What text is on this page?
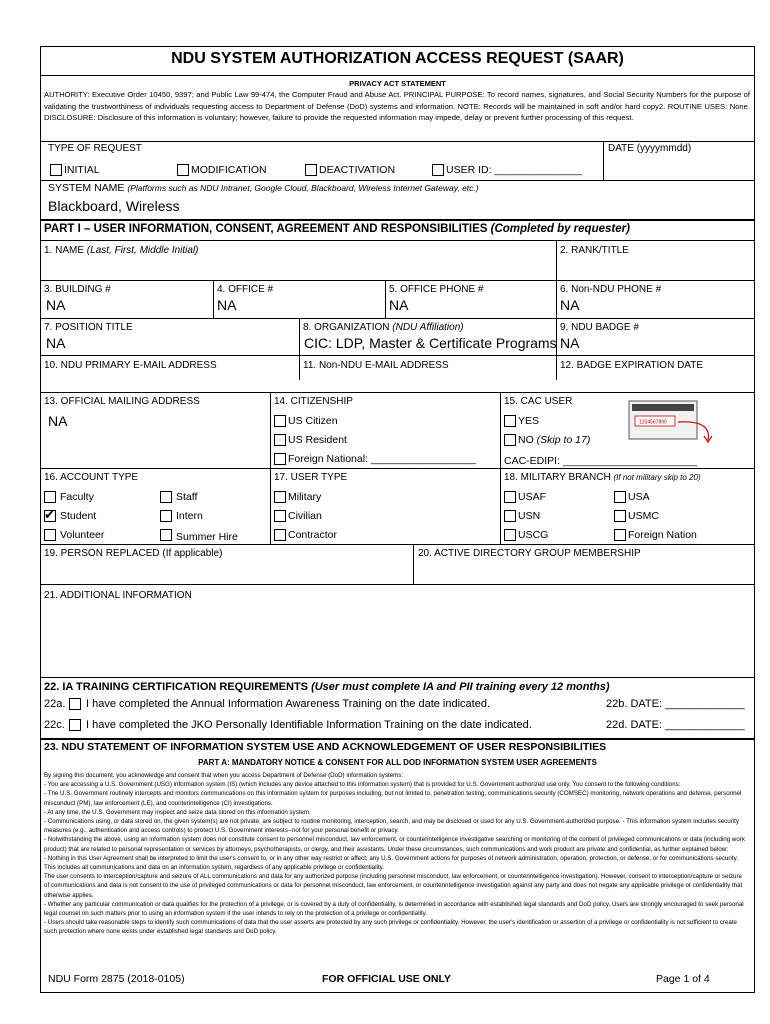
NDU SYSTEM AUTHORIZATION ACCESS REQUEST (SAAR)
PRIVACY ACT STATEMENT
AUTHORITY: Executive Order 10450, 9397; and Public Law 99-474, the Computer Fraud and Abuse Act. PRINCIPAL PURPOSE: To record names, signatures, and Social Security Numbers for the purpose of validating the trustworthiness of individuals requesting access to Department of Defense (DoD) systems and information. NOTE: Records will be maintained in soft and/or hard copy2. ROUTINE USES: None. DISCLOSURE: Disclosure of this information is voluntary; however, failure to provide the requested information may impede, delay or prevent further processing of this request.
TYPE OF REQUEST	DATE (yyyymmdd)
INITIAL	MODIFICATION	DEACTIVATION	USER ID: _______________
SYSTEM NAME (Platforms such as NDU Intranet, Google Cloud, Blackboard, Wireless Internet Gateway, etc.)
Blackboard, Wireless
PART I – USER INFORMATION, CONSENT, AGREEMENT AND RESPONSIBILITIES (Completed by requester)
1. NAME (Last, First, Middle Initial)	2. RANK/TITLE
3. BUILDING #
NA
4. OFFICE #
NA
5. OFFICE PHONE #
NA
6. Non-NDU PHONE #
NA
7. POSITION TITLE
NA
8. ORGANIZATION (NDU Affiliation)
CIC: LDP, Master & Certificate Programs
9. NDU BADGE #
NA
10. NDU PRIMARY E-MAIL ADDRESS	11. Non-NDU E-MAIL ADDRESS	12. BADGE EXPIRATION DATE
13. OFFICIAL MAILING ADDRESS
NA
14. CITIZENSHIP
US Citizen
US Resident
Foreign National: __________________
15. CAC USER
YES
NO (Skip to 17)
CAC-EDIPI: _______________________
1234567890
16. ACCOUNT TYPE
Faculty	Staff
✔ Student	Intern
Volunteer	Summer Hire
17. USER TYPE
Military
Civilian
Contractor
18. MILITARY BRANCH (If not military skip to 20)
USAF	USA
USN	USMC
USCG	Foreign Nation
19. PERSON REPLACED (If applicable)	20. ACTIVE DIRECTORY GROUP MEMBERSHIP
21. ADDITIONAL INFORMATION
22. IA TRAINING CERTIFICATION REQUIREMENTS (User must complete IA and PII training every 12 months)
22a. I have completed the Annual Information Awareness Training on the date indicated.	22b. DATE: _____________
22c. I have completed the JKO Personally Identifiable Information Training on the date indicated.	22d. DATE: _____________
23. NDU STATEMENT OF INFORMATION SYSTEM USE AND ACKNOWLEDGEMENT OF USER RESPONSIBILITIES
PART A: MANDATORY NOTICE & CONSENT FOR ALL DOD INFORMATION SYSTEM USER AGREEMENTS
By signing this document, you acknowledge and consent that when you access Department of Defense (DoD) information systems:
- You are accessing a U.S. Government (USG) information system (IS) (which includes any device attached to this information system) that is provided for U.S. Government authorized use only. You consent to the following conditions:
- The U.S. Government routinely intercepts and monitors communications on this information system for purposes including, but not limited to, penetration testing, communications security (COMSEC) monitoring, network operations and defense, personnel misconduct (PM), law enforcement (LE), and counterintelligence (CI) investigations.
- At any time, the U.S. Government may inspect and seize data stored on this information system.
- Communications using, or data stored on, the given system(s) are not private, are subject to routine monitoring, interception, search, and may be disclosed or used for any U.S. Government-authorized purpose. - This information system includes security measures (e.g., authentication and access controls) to protect U.S. Government interests--not for your personal benefit or privacy.
- Notwithstanding the above, using an information system does not constitute consent to personnel misconduct, law enforcement, or counterintelligence investigative searching or monitoring of the content of privileged communications or data (including work product) that are related to personal representation or services by attorneys, psychotherapists, or clergy, and their assistants. Under these circumstances, such communications and work product are private and confidential, as further explained below:
- Nothing in this User Agreement shall be interpreted to limit the user's consent to, or in any other way restrict or affect, any U.S. Government actions for purposes of network administration, operation, protection, or defense, or for communications security. This includes all communications and data on an information system, regardless of any applicable privilege or confidentiality.
The user consents to interception/capture and seizure of ALL communications and data for any authorized purpose (including personnel misconduct, law enforcement, or counterintelligence investigation). However, consent to interception/capture or seizure of communications and data is not consent to the use of privileged communications or data for personnel misconduct, law enforcement, or counterintelligence investigation against any party and does not negate any applicable privilege or confidentiality that otherwise applies.
- Whether any particular communication or data qualifies for the protection of a privilege, or is covered by a duty of confidentiality, is determined in accordance with established legal standards and DoD policy. Users are strongly encouraged to seek personal legal counsel on such matters prior to using an information system if the user intends to rely on the protection of a privilege or confidentiality.
- Users should take reasonable steps to identify such communications of data that the user asserts are protected by any such privilege or confidentiality. However, the user's identification or assertion of a privilege or confidentiality is not sufficient to create such protection where none exists under established legal standards and DoD policy.
NDU Form 2875 (2018-0105)	FOR OFFICIAL USE ONLY	Page 1 of 4
